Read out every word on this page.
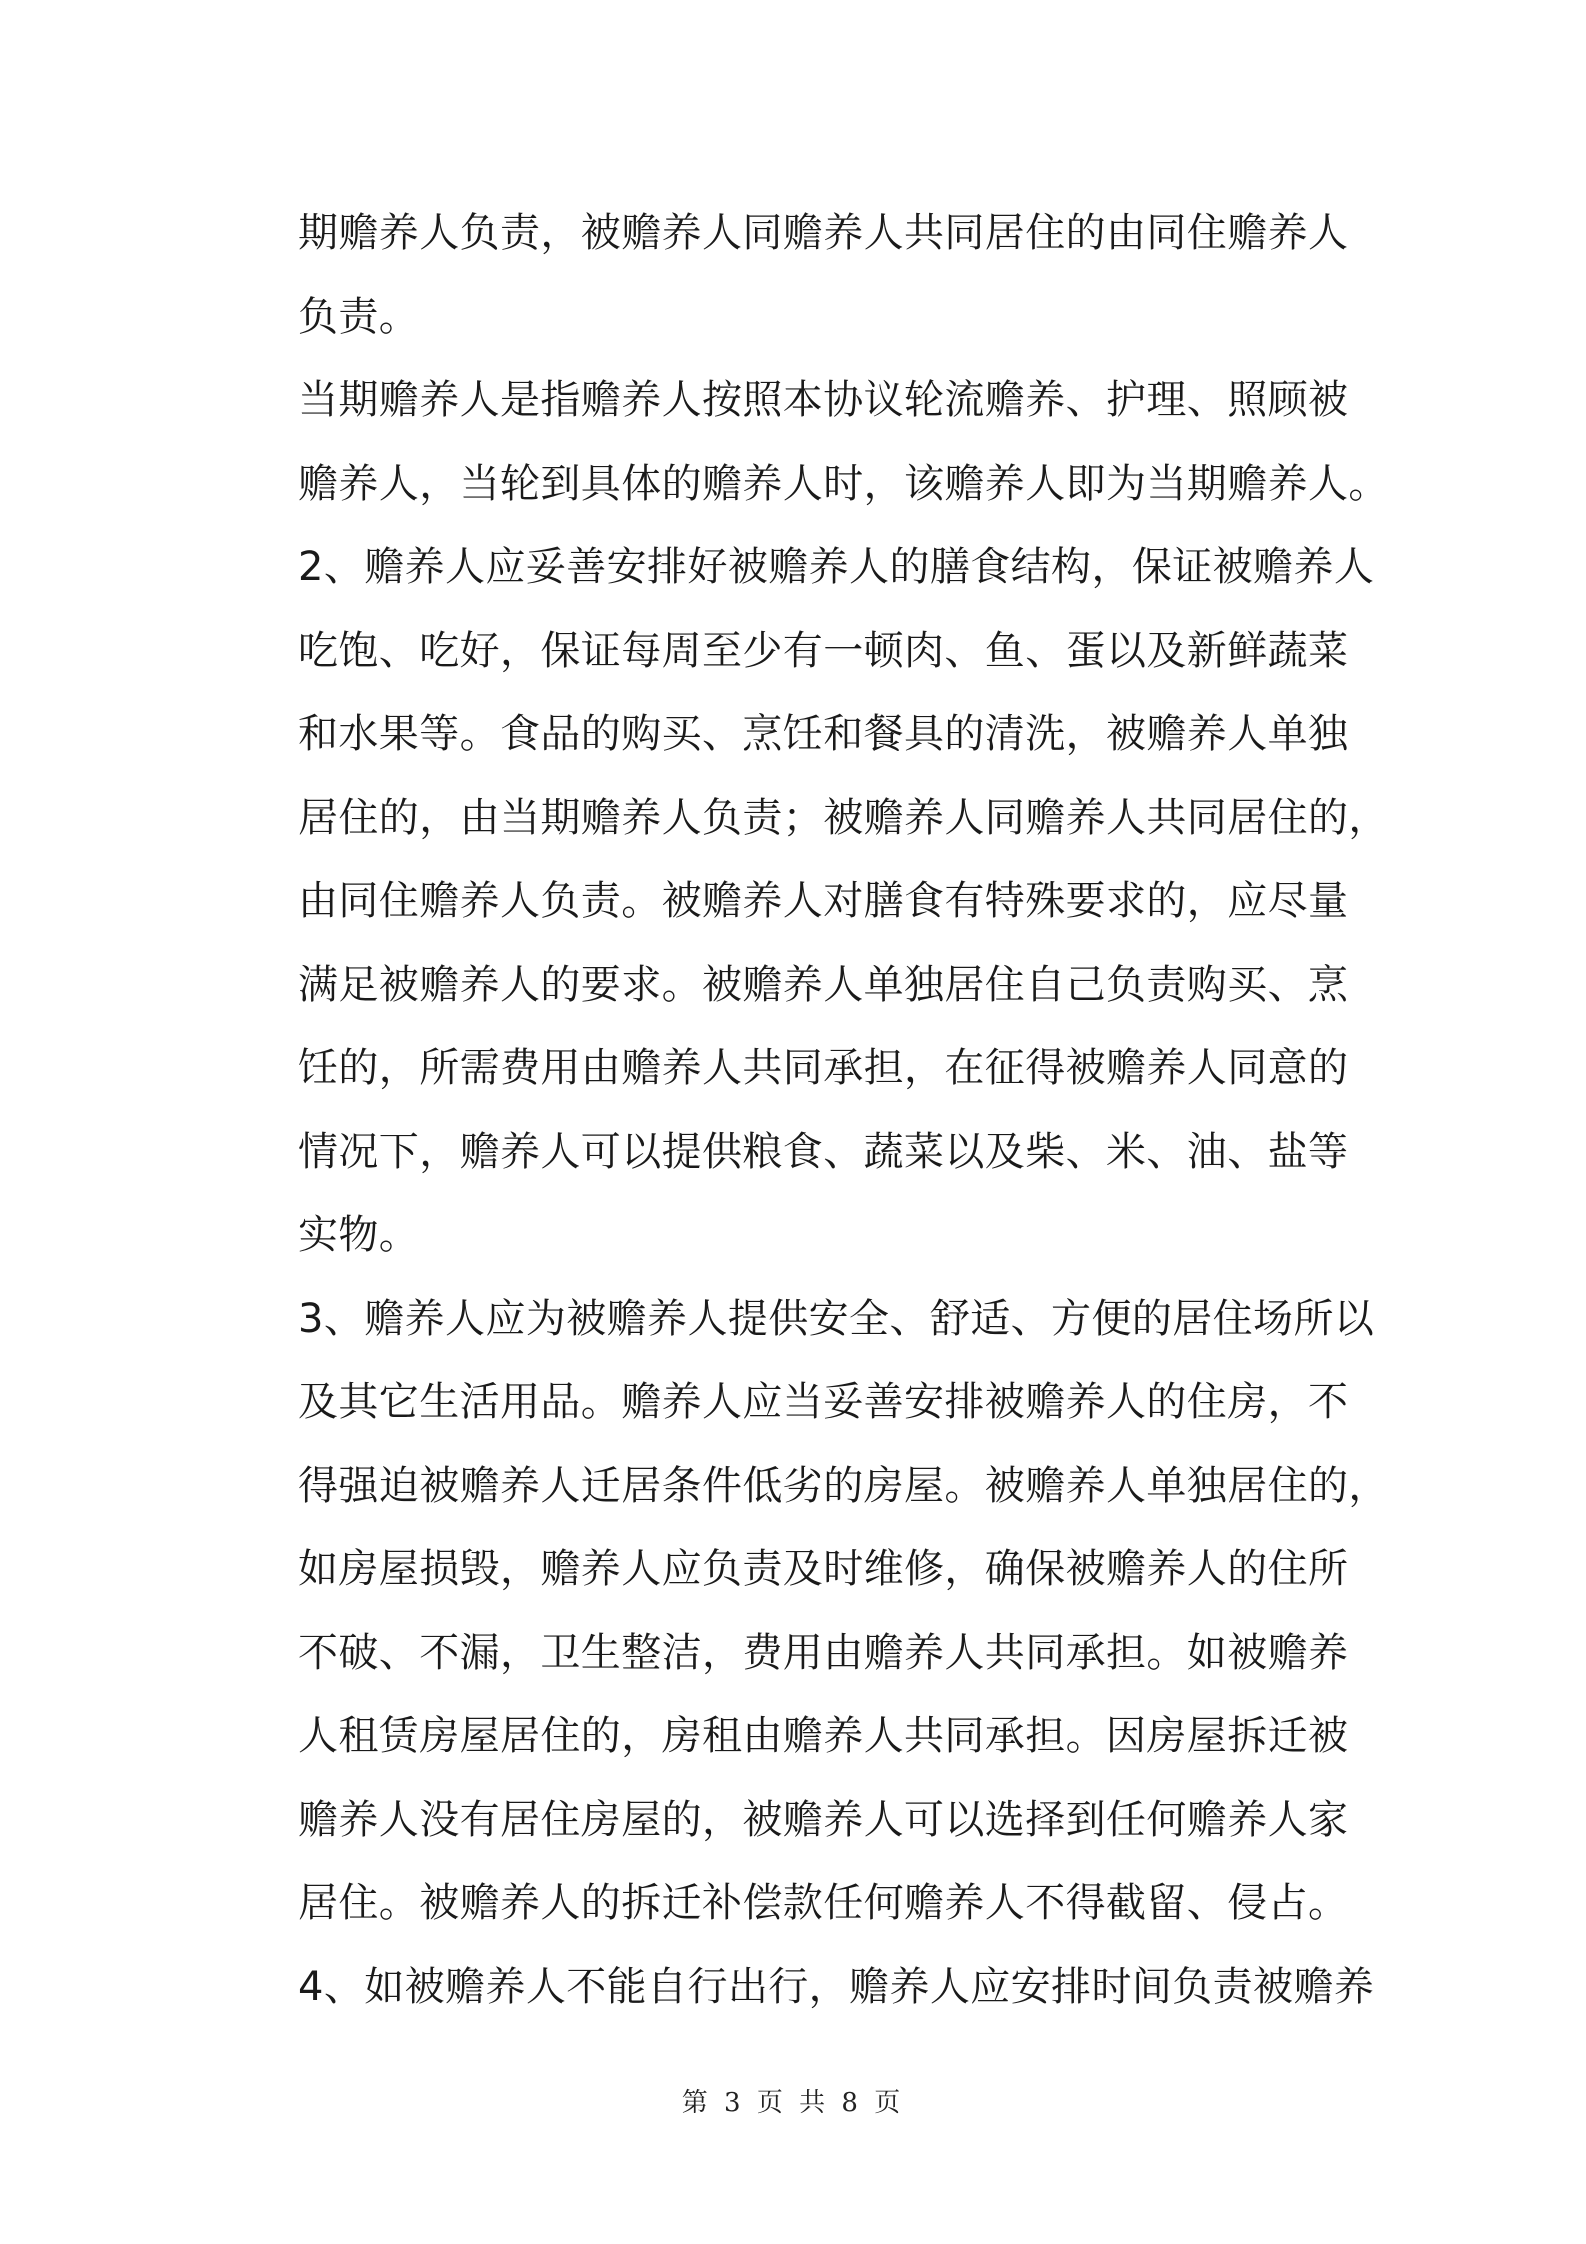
期赡养人负责，被赡养人同赡养人共同居住的由同住赡养人
负责。
当期赡养人是指赡养人按照本协议轮流赡养、护理、照顾被
赡养人，当轮到具体的赡养人时，该赡养人即为当期赡养人。
2、赡养人应妥善安排好被赡养人的膳食结构，保证被赡养人
吃饱、吃好，保证每周至少有一顿肉、鱼、蛋以及新鲜蔬菜
和水果等。食品的购买、烹饪和餐具的清洗，被赡养人单独
居住的，由当期赡养人负责；被赡养人同赡养人共同居住的，
由同住赡养人负责。被赡养人对膳食有特殊要求的，应尽量
满足被赡养人的要求。被赡养人单独居住自己负责购买、烹
饪的，所需费用由赡养人共同承担，在征得被赡养人同意的
情况下，赡养人可以提供粮食、蔬菜以及柴、米、油、盐等
实物。
3、赡养人应为被赡养人提供安全、舒适、方便的居住场所以
及其它生活用品。赡养人应当妥善安排被赡养人的住房，不
得强迫被赡养人迁居条件低劣的房屋。被赡养人单独居住的，
如房屋损毁，赡养人应负责及时维修，确保被赡养人的住所
不破、不漏，卫生整洁，费用由赡养人共同承担。如被赡养
人租赁房屋居住的，房租由赡养人共同承担。因房屋拆迁被
赡养人没有居住房屋的，被赡养人可以选择到任何赡养人家
居住。被赡养人的拆迁补偿款任何赡养人不得截留、侵占。
4、如被赡养人不能自行出行，赡养人应安排时间负责被赡养
第 3 页 共 8 页
